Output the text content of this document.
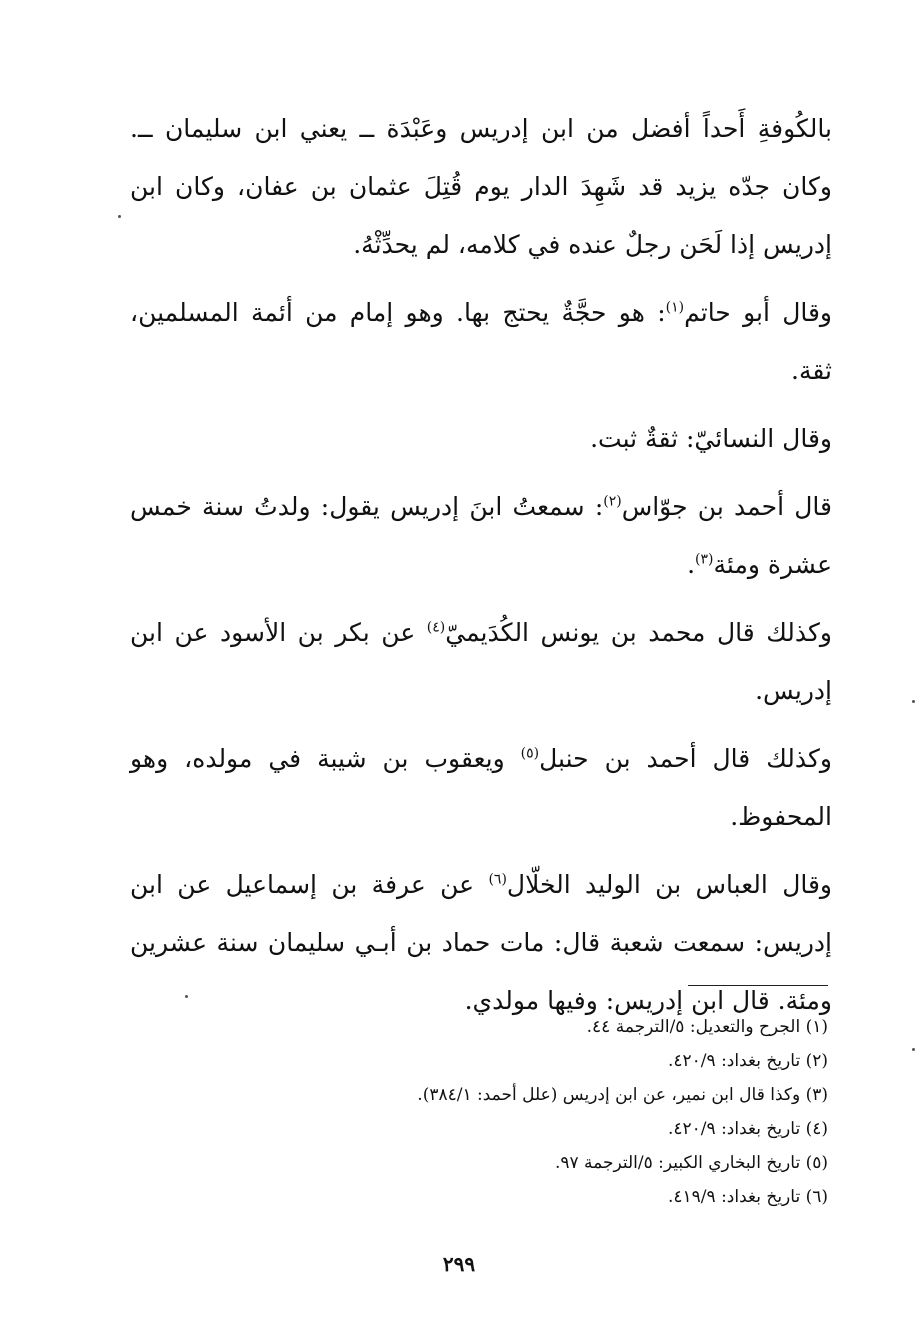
بالكُوفةِ أَحداً أفضل من ابن إدريس وعَبْدَة ــ يعني ابن سليمان ــ. وكان جدّه يزيد قد شَهِدَ الدار يوم قُتِلَ عثمان بن عفان، وكان ابن إدريس إذا لَحَن رجلٌ عنده في كلامه، لم يحدِّثْهُ.

وقال أبو حاتم$^{(١)}$: هو حجَّةٌ يحتج بها. وهو إمام من أئمة المسلمين، ثقة.

وقال النسائيّ: ثقةٌ ثبت.

قال أحمد بن جوّاس$^{(٢)}$: سمعتُ ابنَ إدريس يقول: ولدتُ سنة خمس عشرة ومئة$^{(٣)}$.

وكذلك قال محمد بن يونس الكُدَيميّ$^{(٤)}$ عن بكر بن الأسود عن ابن إدريس.

وكذلك قال أحمد بن حنبل$^{(٥)}$ ويعقوب بن شيبة في مولده، وهو المحفوظ.

وقال العباس بن الوليد الخلّال$^{(٦)}$ عن عرفة بن إسماعيل عن ابن إدريس: سمعت شعبة قال: مات حماد بن أبـي سليمان سنة عشرين ومئة. قال ابن إدريس: وفيها مولدي.

(١) الجرح والتعديل: ٥/الترجمة ٤٤.
(٢) تاريخ بغداد: ٤٢٠/٩.
(٣) وكذا قال ابن نمير، عن ابن إدريس (علل أحمد: ٣٨٤/١).
(٤) تاريخ بغداد: ٤٢٠/٩.
(٥) تاريخ البخاري الكبير: ٥/الترجمة ٩٧.
(٦) تاريخ بغداد: ٤١٩/٩.
٢٩٩
